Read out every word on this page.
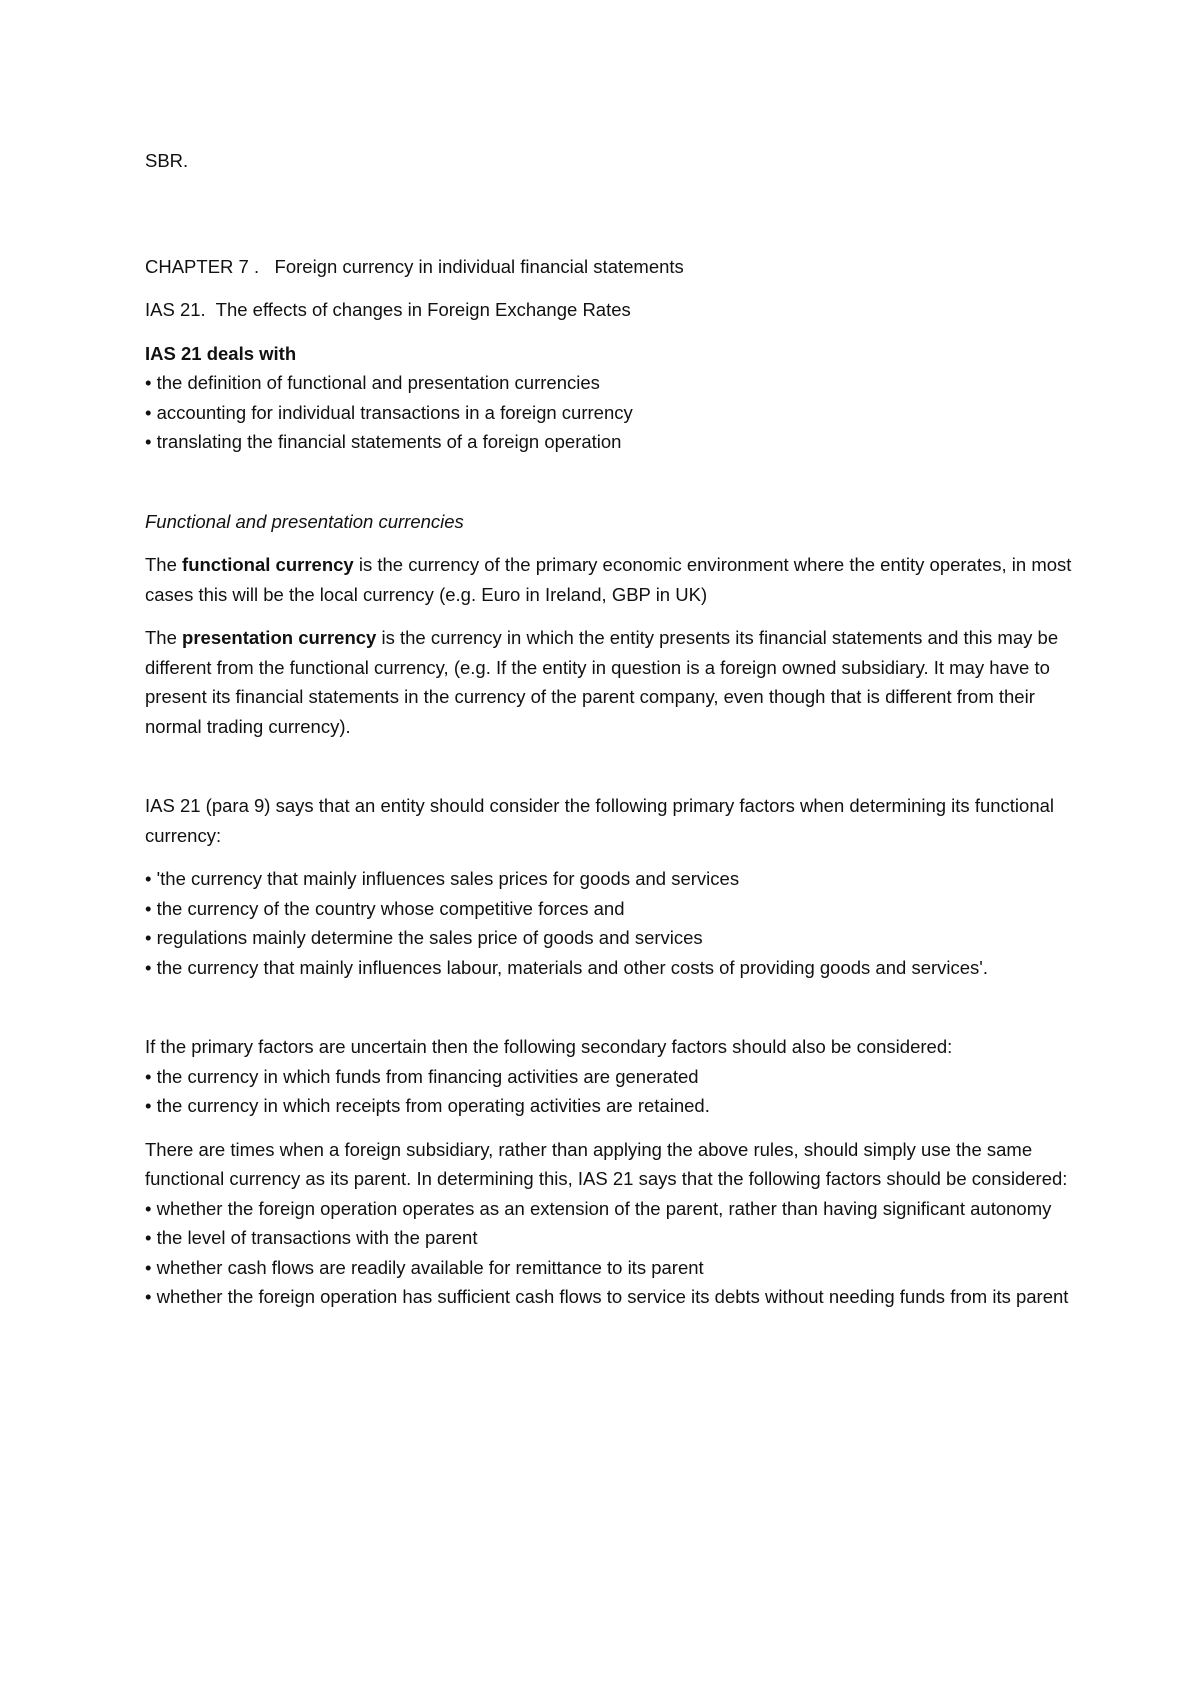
SBR.

CHAPTER 7 . Foreign currency in individual financial statements

IAS 21. The effects of changes in Foreign Exchange Rates

IAS 21 deals with

• the definition of functional and presentation currencies

• accounting for individual transactions in a foreign currency

• translating the financial statements of a foreign operation

Functional and presentation currencies

The functional currency is the currency of the primary economic environment where the entity operates, in most cases this will be the local currency (e.g. Euro in Ireland, GBP in UK)

The presentation currency is the currency in which the entity presents its financial statements and this may be different from the functional currency, (e.g. If the entity in question is a foreign owned subsidiary. It may have to present its financial statements in the currency of the parent company, even though that is different from their normal trading currency).

IAS 21 (para 9) says that an entity should consider the following primary factors when determining its functional currency:

• 'the currency that mainly influences sales prices for goods and services

• the currency of the country whose competitive forces and

• regulations mainly determine the sales price of goods and services

• the currency that mainly influences labour, materials and other costs of providing goods and services'.

If the primary factors are uncertain then the following secondary factors should also be considered:

• the currency in which funds from financing activities are generated

• the currency in which receipts from operating activities are retained.

There are times when a foreign subsidiary, rather than applying the above rules, should simply use the same functional currency as its parent. In determining this, IAS 21 says that the following factors should be considered:

• whether the foreign operation operates as an extension of the parent, rather than having significant autonomy

• the level of transactions with the parent

• whether cash flows are readily available for remittance to its parent

• whether the foreign operation has sufficient cash flows to service its debts without needing funds from its parent
